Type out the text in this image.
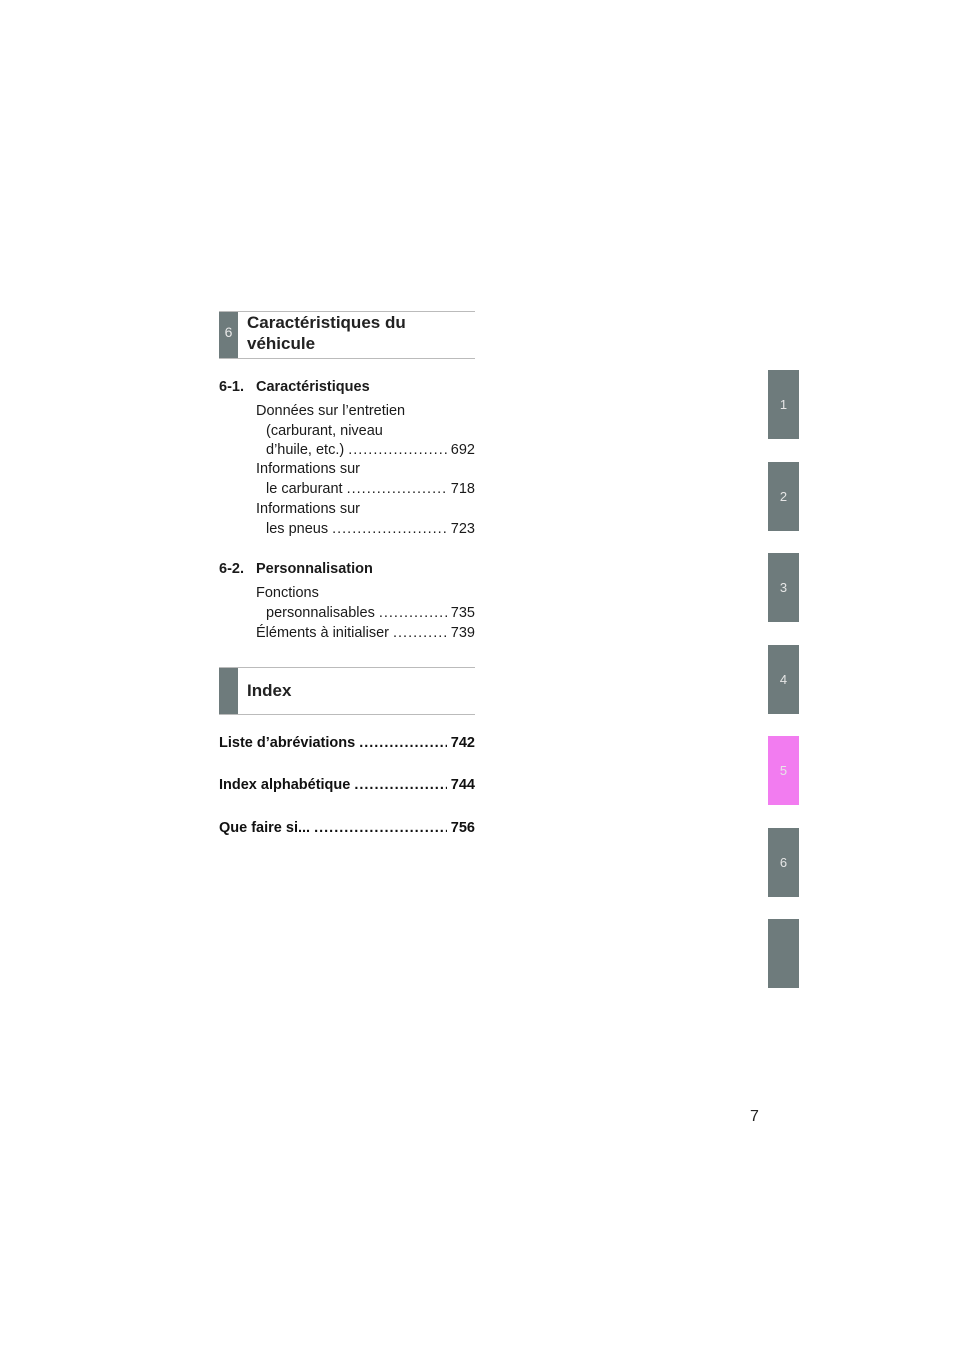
6 Caractéristiques du
véhicule
6-1. Caractéristiques
Données sur l’entretien
(carburant, niveau
d’huile, etc.) .....	692
Informations sur
le carburant .....	718
Informations sur
les pneus .....	723
6-2. Personnalisation
Fonctions
personnalisables .....	735
Éléments à initialiser .....	739
Index
Liste d’abréviations .....	742
Index alphabétique .....	744
Que faire si... .....	756
1
2
3
4
5
6
7
